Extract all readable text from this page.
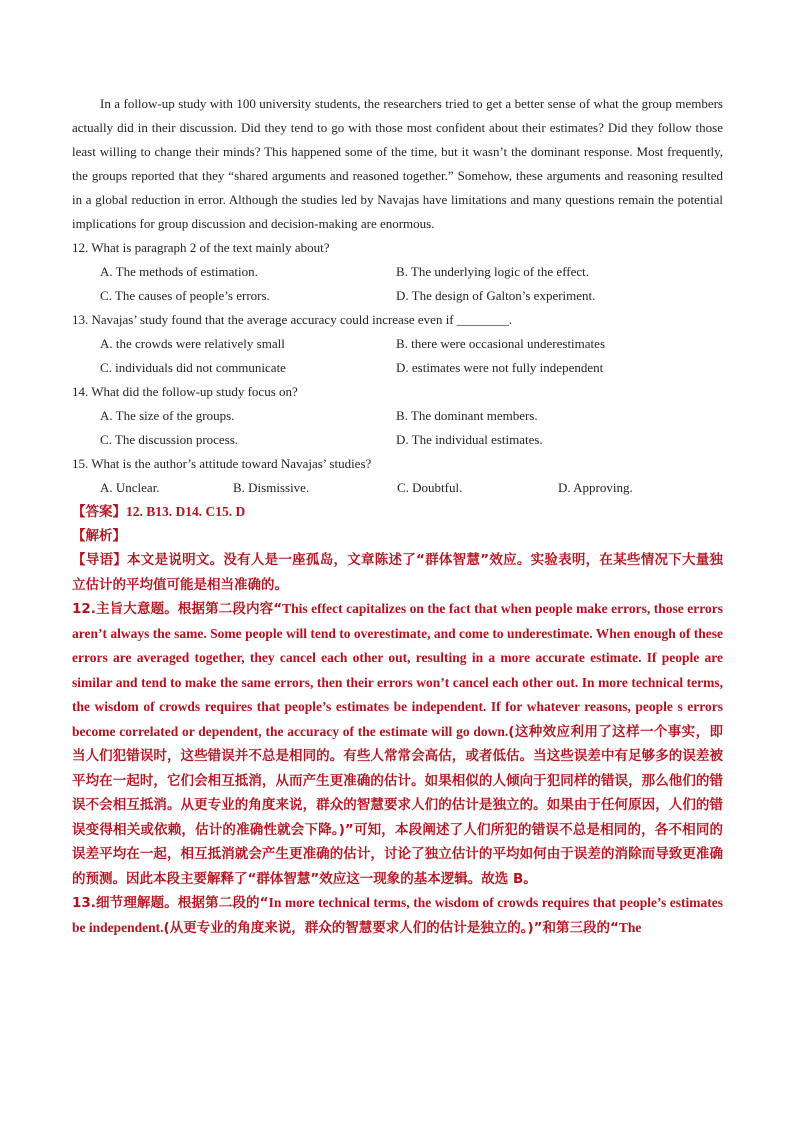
In a follow-up study with 100 university students, the researchers tried to get a better sense of what the group members actually did in their discussion. Did they tend to go with those most confident about their estimates? Did they follow those least willing to change their minds? This happened some of the time, but it wasn’t the dominant response. Most frequently, the groups reported that they “shared arguments and reasoned together.” Somehow, these arguments and reasoning resulted in a global reduction in error. Although the studies led by Navajas have limitations and many questions remain the potential implications for group discussion and decision-making are enormous.

12. What is paragraph 2 of the text mainly about?

A. The methods of estimation.	B. The underlying logic of the effect.
C. The causes of people’s errors.	D. The design of Galton’s experiment.

13. Navajas’ study found that the average accuracy could increase even if ________.

A. the crowds were relatively small	B. there were occasional underestimates
C. individuals did not communicate	D. estimates were not fully independent

14. What did the follow-up study focus on?

A. The size of the groups.	B. The dominant members.
C. The discussion process.	D. The individual estimates.

15. What is the author’s attitude toward Navajas’ studies?

A. Unclear.	B. Dismissive.	C. Doubtful.	D. Approving.

【答案】12. B13. D14. C15. D

【解析】

【导语】本文是说明文。没有人是一座孤岛，文章陈述了“群体智慧”效应。实验表明，在某些情况下大量独立估计的平均值可能是相当准确的。

12.主旨大意题。根据第二段内容“This effect capitalizes on the fact that when people make errors, those errors aren’t always the same. Some people will tend to overestimate, and come to underestimate. When enough of these errors are averaged together, they cancel each other out, resulting in a more accurate estimate. If people are similar and tend to make the same errors, then their errors won’t cancel each other out. In more technical terms, the wisdom of crowds requires that people’s estimates be independent. If for whatever reasons, people s errors become correlated or dependent, the accuracy of the estimate will go down.(这种效应利用了这样一个事实，即当人们犯错误时，这些错误并不总是相同的。有些人常常会高估，或者低估。当这些误差中有足够多的误差被平均在一起时，它们会相互抵消，从而产生更准确的估计。如果相似的人倾向于犯同样的错误，那么他们的错误不会相互抵消。从更专业的角度来说，群众的智慧要求人们的估计是独立的。如果由于任何原因，人们的错误变得相关或依赖，估计的准确性就会下降。)”可知，本段阐述了人们所犯的错误不总是相同的，各不相同的误差平均在一起，相互抵消就会产生更准确的估计，讨论了独立估计的平均如何由于误差的消除而导致更准确的预测。因此本段主要解释了“群体智慧”效应这一现象的基本逻辑。故选 B。

13.细节理解题。根据第二段的“In more technical terms, the wisdom of crowds requires that people’s estimates be independent.(从更专业的角度来说，群众的智慧要求人们的估计是独立的。)”和第三段的“The
